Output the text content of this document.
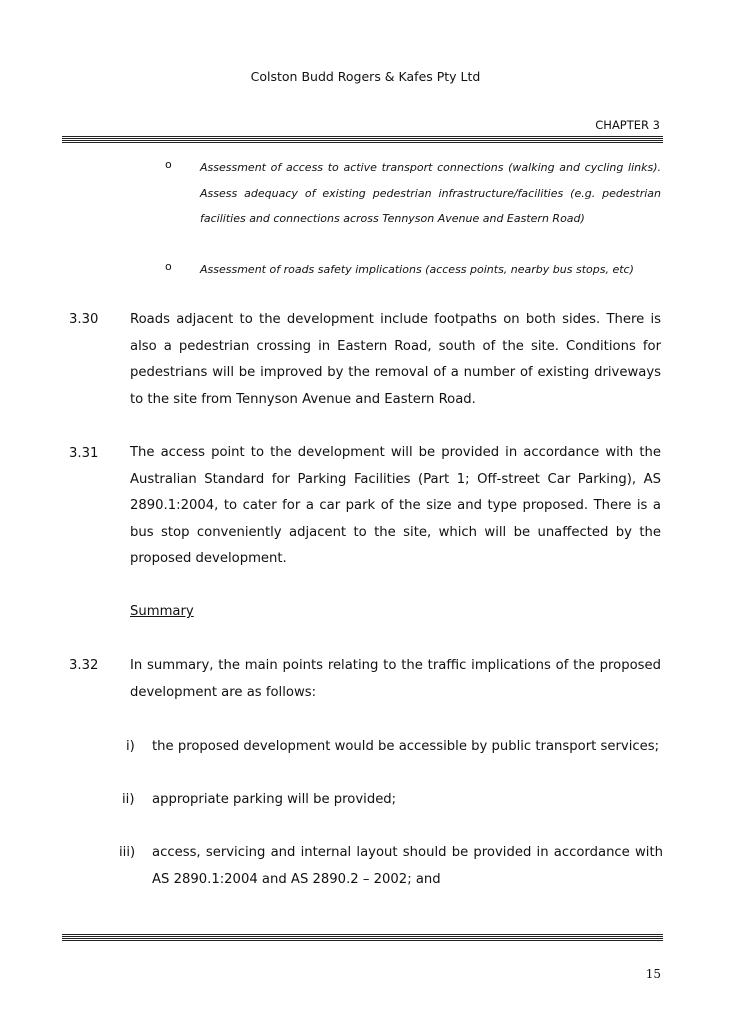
Colston Budd Rogers & Kafes Pty Ltd
CHAPTER 3
o	Assessment of access to active transport connections (walking and cycling links). Assess adequacy of existing pedestrian infrastructure/facilities (e.g. pedestrian facilities and connections across Tennyson Avenue and Eastern Road)
o	Assessment of roads safety implications (access points, nearby bus stops, etc)
3.30 Roads adjacent to the development include footpaths on both sides. There is also a pedestrian crossing in Eastern Road, south of the site. Conditions for pedestrians will be improved by the removal of a number of existing driveways to the site from Tennyson Avenue and Eastern Road.
3.31 The access point to the development will be provided in accordance with the Australian Standard for Parking Facilities (Part 1; Off-street Car Parking), AS 2890.1:2004, to cater for a car park of the size and type proposed. There is a bus stop conveniently adjacent to the site, which will be unaffected by the proposed development.
Summary
3.32 In summary, the main points relating to the traffic implications of the proposed development are as follows:
i) the proposed development would be accessible by public transport services;
ii) appropriate parking will be provided;
iii) access, servicing and internal layout should be provided in accordance with AS 2890.1:2004 and AS 2890.2 – 2002; and
15
